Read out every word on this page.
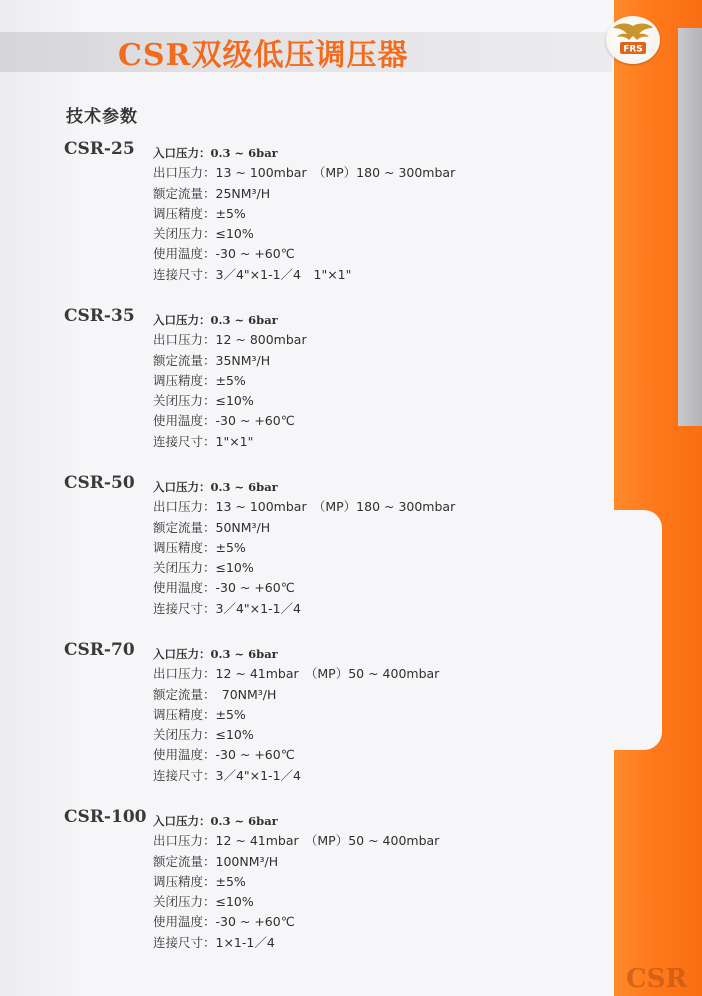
CSR双级低压调压器	FRS
技术参数
CSR-25 入口压力：0.3 ~ 6bar
出口压力：13 ~ 100mbar　（MP）180 ~ 300mbar
额定流量：25NM³/H
调压精度：±5%
关闭压力：≤10%
使用温度：-30 ~ +60℃
连接尺寸：3／4"×1-1／4　1"×1"
CSR-35 入口压力：0.3 ~ 6bar
出口压力：12 ~ 800mbar
额定流量：35NM³/H
调压精度：±5%
关闭压力：≤10%
使用温度：-30 ~ +60℃
连接尺寸：1"×1"
CSR-50 入口压力：0.3 ~ 6bar
出口压力：13 ~ 100mbar　（MP）180 ~ 300mbar
额定流量：50NM³/H
调压精度：±5%
关闭压力：≤10%
使用温度：-30 ~ +60℃
连接尺寸：3／4"×1-1／4
CSR-70 入口压力：0.3 ~ 6bar
出口压力：12 ~ 41mbar　（MP）50 ~ 400mbar
额定流量：　70NM³/H
调压精度：±5%
关闭压力：≤10%
使用温度：-30 ~ +60℃
连接尺寸：3／4"×1-1／4
CSR-100 入口压力：0.3 ~ 6bar
出口压力：12 ~ 41mbar　（MP）50 ~ 400mbar
额定流量：100NM³/H
调压精度：±5%
关闭压力：≤10%
使用温度：-30 ~ +60℃
连接尺寸：1×1-1／4
CSR
